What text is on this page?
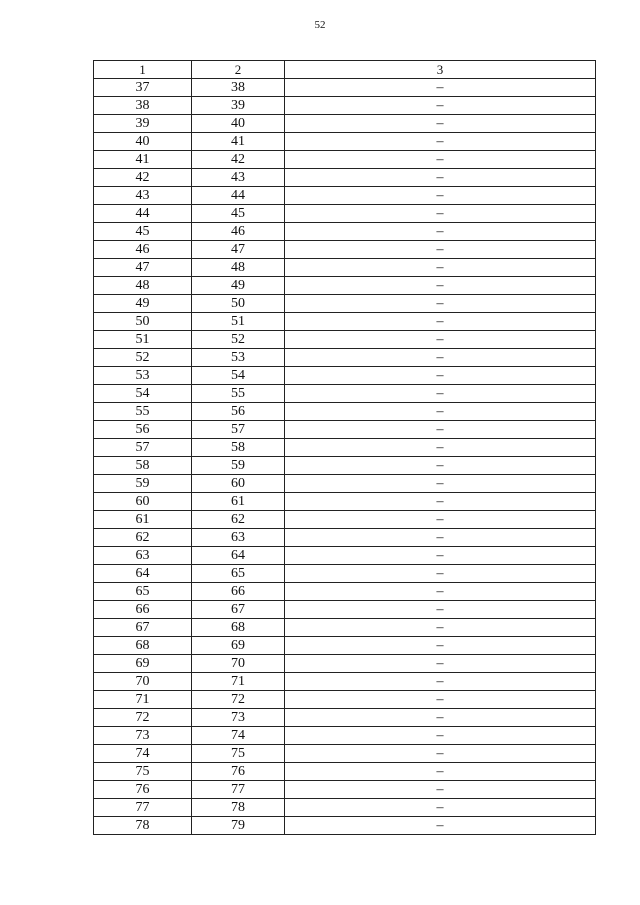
52
1	2	3
37	38	–
38	39	–
39	40	–
40	41	–
41	42	–
42	43	–
43	44	–
44	45	–
45	46	–
46	47	–
47	48	–
48	49	–
49	50	–
50	51	–
51	52	–
52	53	–
53	54	–
54	55	–
55	56	–
56	57	–
57	58	–
58	59	–
59	60	–
60	61	–
61	62	–
62	63	–
63	64	–
64	65	–
65	66	–
66	67	–
67	68	–
68	69	–
69	70	–
70	71	–
71	72	–
72	73	–
73	74	–
74	75	–
75	76	–
76	77	–
77	78	–
78	79	–
